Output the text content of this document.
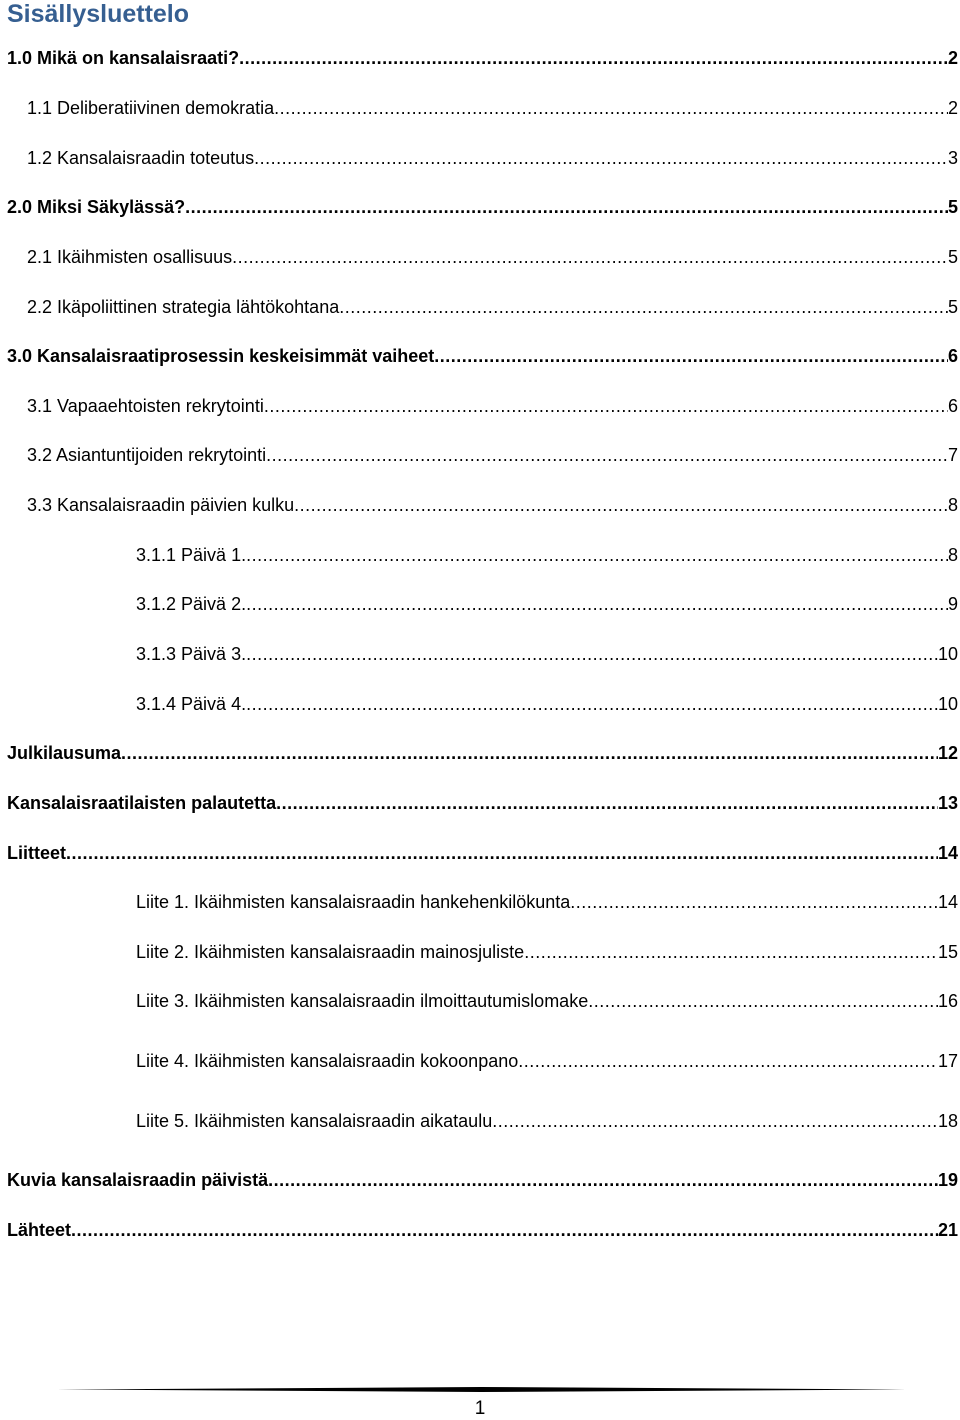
Sisällysluettelo
1.0 Mikä on kansalaisraati? .....	2
1.1 Deliberatiivinen demokratia .....	2
1.2 Kansalaisraadin toteutus .....	3
2.0 Miksi Säkylässä? .....	5
2.1 Ikäihmisten osallisuus .....	5
2.2 Ikäpoliittinen strategia lähtökohtana .....	5
3.0 Kansalaisraatiprosessin keskeisimmät vaiheet .....	6
3.1 Vapaaehtoisten rekrytointi .....	6
3.2 Asiantuntijoiden rekrytointi .....	7
3.3 Kansalaisraadin päivien kulku .....	8
3.1.1 Päivä 1. .....	8
3.1.2 Päivä 2. .....	9
3.1.3 Päivä 3. .....	10
3.1.4 Päivä 4. .....	10
Julkilausuma .....	12
Kansalaisraatilaisten palautetta .....	13
Liitteet .....	14
Liite 1. Ikäihmisten kansalaisraadin hankehenkilökunta .....	14
Liite 2. Ikäihmisten kansalaisraadin mainosjuliste .....	15
Liite 3. Ikäihmisten kansalaisraadin ilmoittautumislomake .....	16
Liite 4. Ikäihmisten kansalaisraadin kokoonpano .....	17
Liite 5. Ikäihmisten kansalaisraadin aikataulu .....	18
Kuvia kansalaisraadin päivistä .....	19
Lähteet .....	21
1
